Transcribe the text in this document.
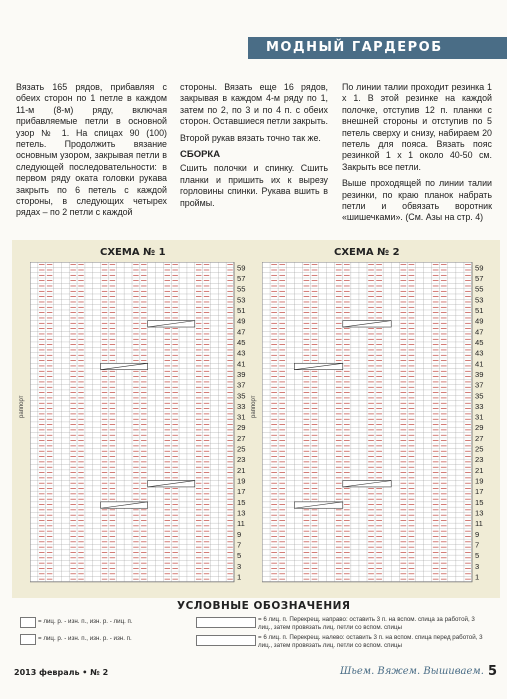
МОДНЫЙ ГАРДЕРОБ

Вязать 165 рядов, прибавляя с обеих сторон по 1 петле в каждом 11-м (8-м) ряду, включая прибавляемые петли в основной узор № 1. На спицах 90 (100) петель. Продолжить вязание основным узором, закрывая петли в следующей последовательности: в первом ряду оката головки рукава закрыть по 6 петель с каждой стороны, в следующих четырех рядах – по 2 петли с каждой

стороны. Вязать еще 16 рядов, закрывая в каждом 4-м ряду по 1, затем по 2, по 3 и по 4 п. с обеих сторон. Оставшиеся петли закрыть.

Второй рукав вязать точно так же.

СБОРКА

Сшить полочки и спинку. Сшить планки и пришить их к вырезу горловины спинки. Рукава вшить в проймы.

По линии талии проходит резинка 1 x 1. В этой резинке на каждой полочке, отступив 12 п. планки с внешней стороны и отступив по 5 петель сверху и снизу, набираем 20 петель для пояса. Вязать пояс резинкой 1 x 1 около 40-50 см. Закрыть все петли.

Выше проходящей по линии талии резинки, по краю планок набрать петли и обвязать воротник «шишечками». (См. Азы на стр. 4)

СХЕМА № 1	СХЕМА № 2
59
57
55
53
51
49
47
45
43
41
39
37
35
33
31
29
27
25
23
21
19
17
15
13
11
9
7
5
3
1
59
57
55
53
51
49
47
45
43
41
39
37
35
33
31
29
27
25
23
21
19
17
15
13
11
9
7
5
3
1
раппорт	раппорт
УСЛОВНЫЕ ОБОЗНАЧЕНИЯ
= лиц. р. - изн. п., изн. р. - лиц. п.
= лиц. р. - изн. п., изн. р. - изн. п.
= 6 лиц. п. Перекрещ. направо: оставить 3 п. на вспом. спица за работой, 3 лиц., затем провязать лиц. петли со вспом. спицы
= 6 лиц. п. Перекрещ. налево: оставить 3 п. на вспом. спица перед работой, 3 лиц., затем провязать лиц. петли со вспом. спицы
2013 февраль • № 2	Шьем. Вяжем. Вышиваем. 5
